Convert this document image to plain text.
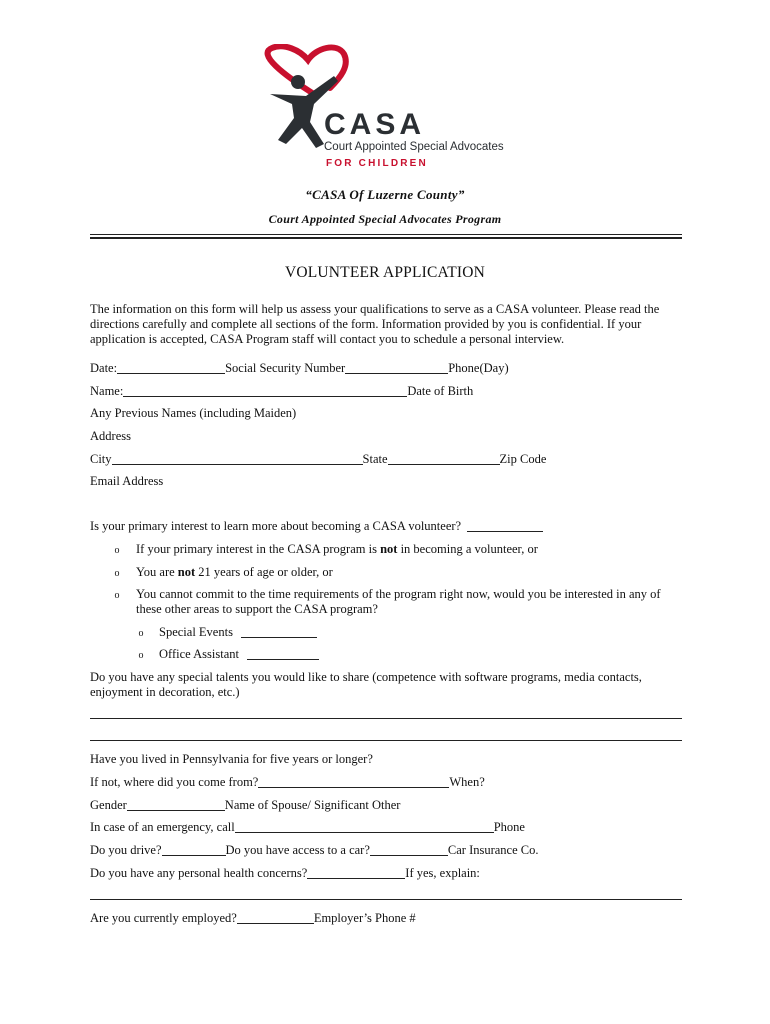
CASA
Court Appointed Special Advocates
FOR CHILDREN
“CASA Of Luzerne County”
Court Appointed Special Advocates Program
VOLUNTEER APPLICATION
The information on this form will help us assess your qualifications to serve as a CASA volunteer. Please read the directions carefully and complete all sections of the form. Information provided by you is confidential. If your application is accepted, CASA Program staff will contact you to schedule a personal interview.
Date:	Social Security Number	Phone(Day)
Name:	Date of Birth
Any Previous Names (including Maiden)
Address
City	State	Zip Code
Email Address
Is your primary interest to learn more about becoming a CASA volunteer?
o If your primary interest in the CASA program is not in becoming a volunteer, or
o You are not 21 years of age or older, or
o You cannot commit to the time requirements of the program right now, would you be interested in any of these other areas to support the CASA program?
o Special Events
o Office Assistant
Do you have any special talents you would like to share (competence with software programs, media contacts, enjoyment in decoration, etc.)
Have you lived in Pennsylvania for five years or longer?
If not, where did you come from?	When?
Gender	Name of Spouse/ Significant Other
In case of an emergency, call	Phone
Do you drive?	Do you have access to a car?	Car Insurance Co.
Do you have any personal health concerns?	If yes, explain:
Are you currently employed?	Employer’s Phone #
